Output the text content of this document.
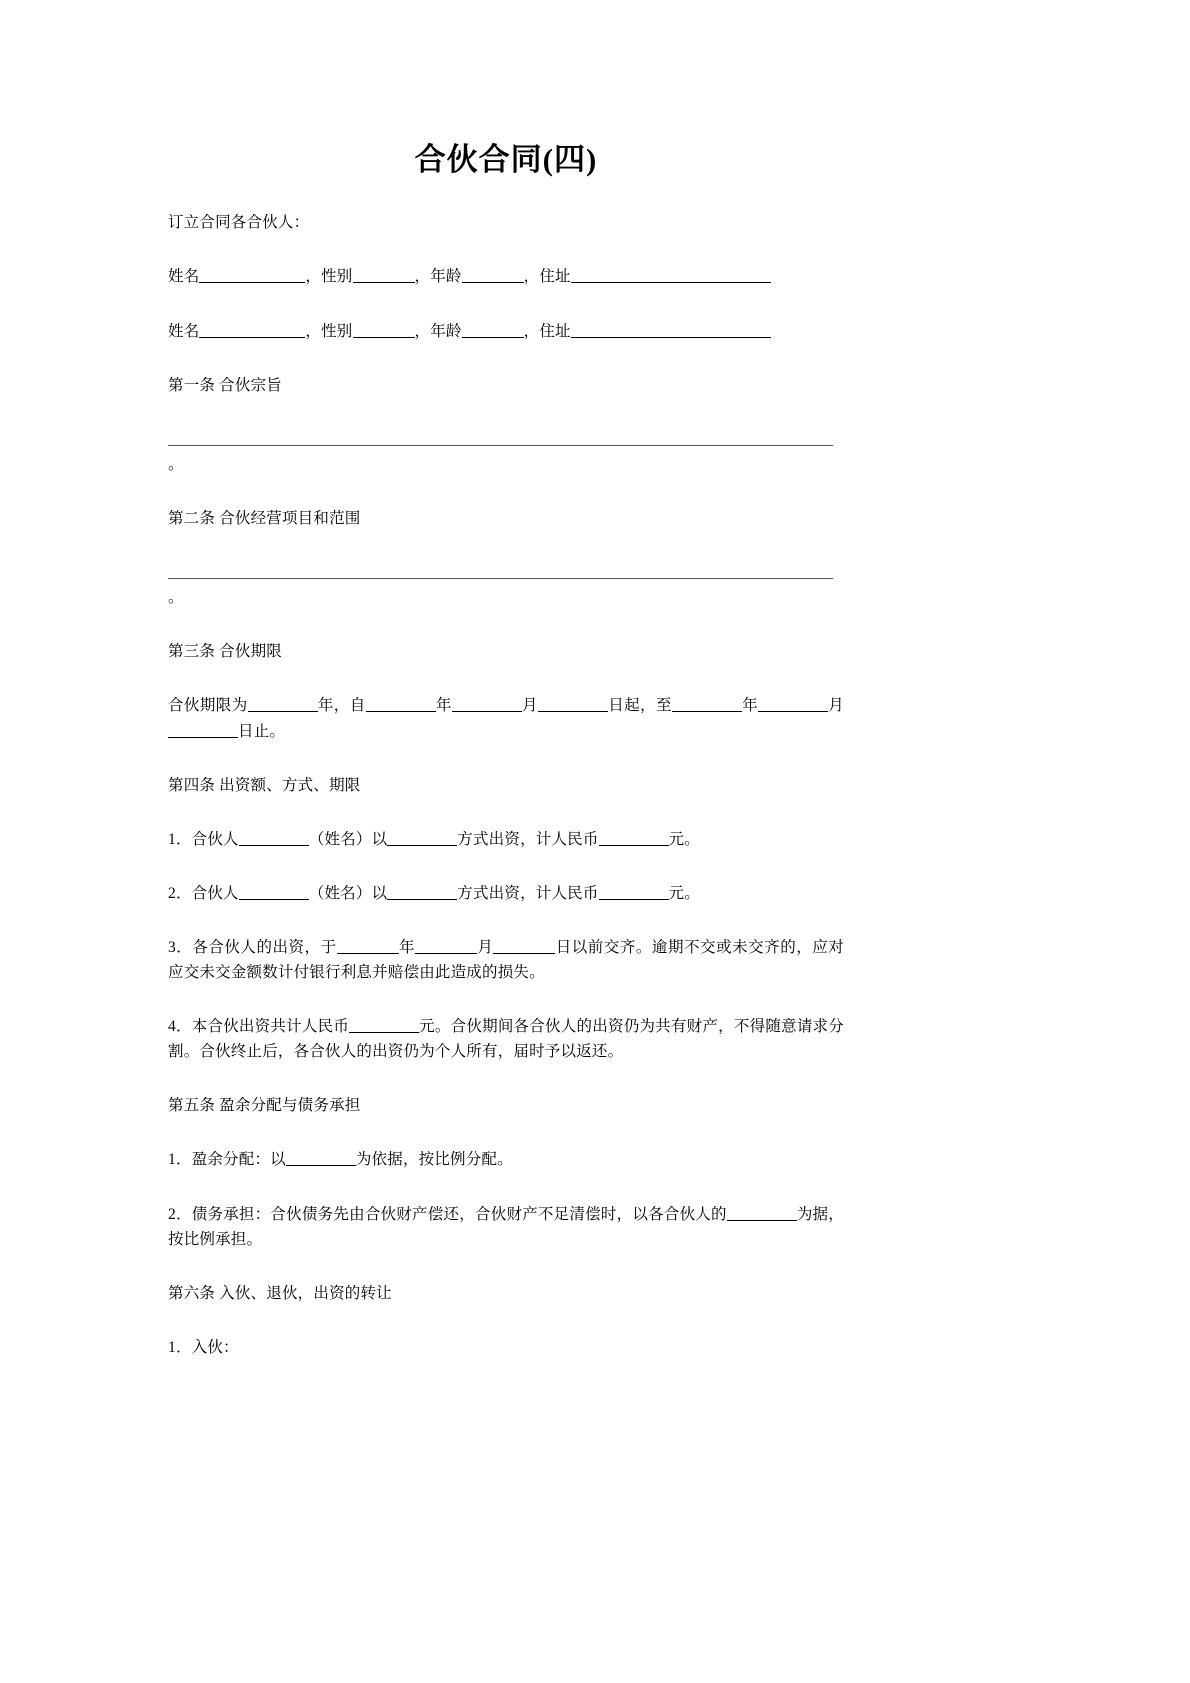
合伙合同(四)

订立合同各合伙人：

姓名	，性别	，年龄	，住址

姓名	，性别	，年龄	，住址

第一条 合伙宗旨

。

第二条 合伙经营项目和范围

。

第三条 合伙期限

合伙期限为	年，自	年	月	日起，至	年	月日止。

第四条 出资额、方式、期限

1．合伙人	（姓名）以	方式出资，计人民币	元。

2．合伙人	（姓名）以	方式出资，计人民币	元。

3．各合伙人的出资，于	年	月	日以前交齐。逾期不交或未交齐的，应对应交未交金额数计付银行利息并赔偿由此造成的损失。

4．本合伙出资共计人民币	元。合伙期间各合伙人的出资仍为共有财产，不得随意请求分割。合伙终止后，各合伙人的出资仍为个人所有，届时予以返还。

第五条 盈余分配与债务承担

1．盈余分配：以	为依据，按比例分配。

2．债务承担：合伙债务先由合伙财产偿还，合伙财产不足清偿时，以各合伙人的	为据，按比例承担。

第六条 入伙、退伙，出资的转让

1．入伙：
